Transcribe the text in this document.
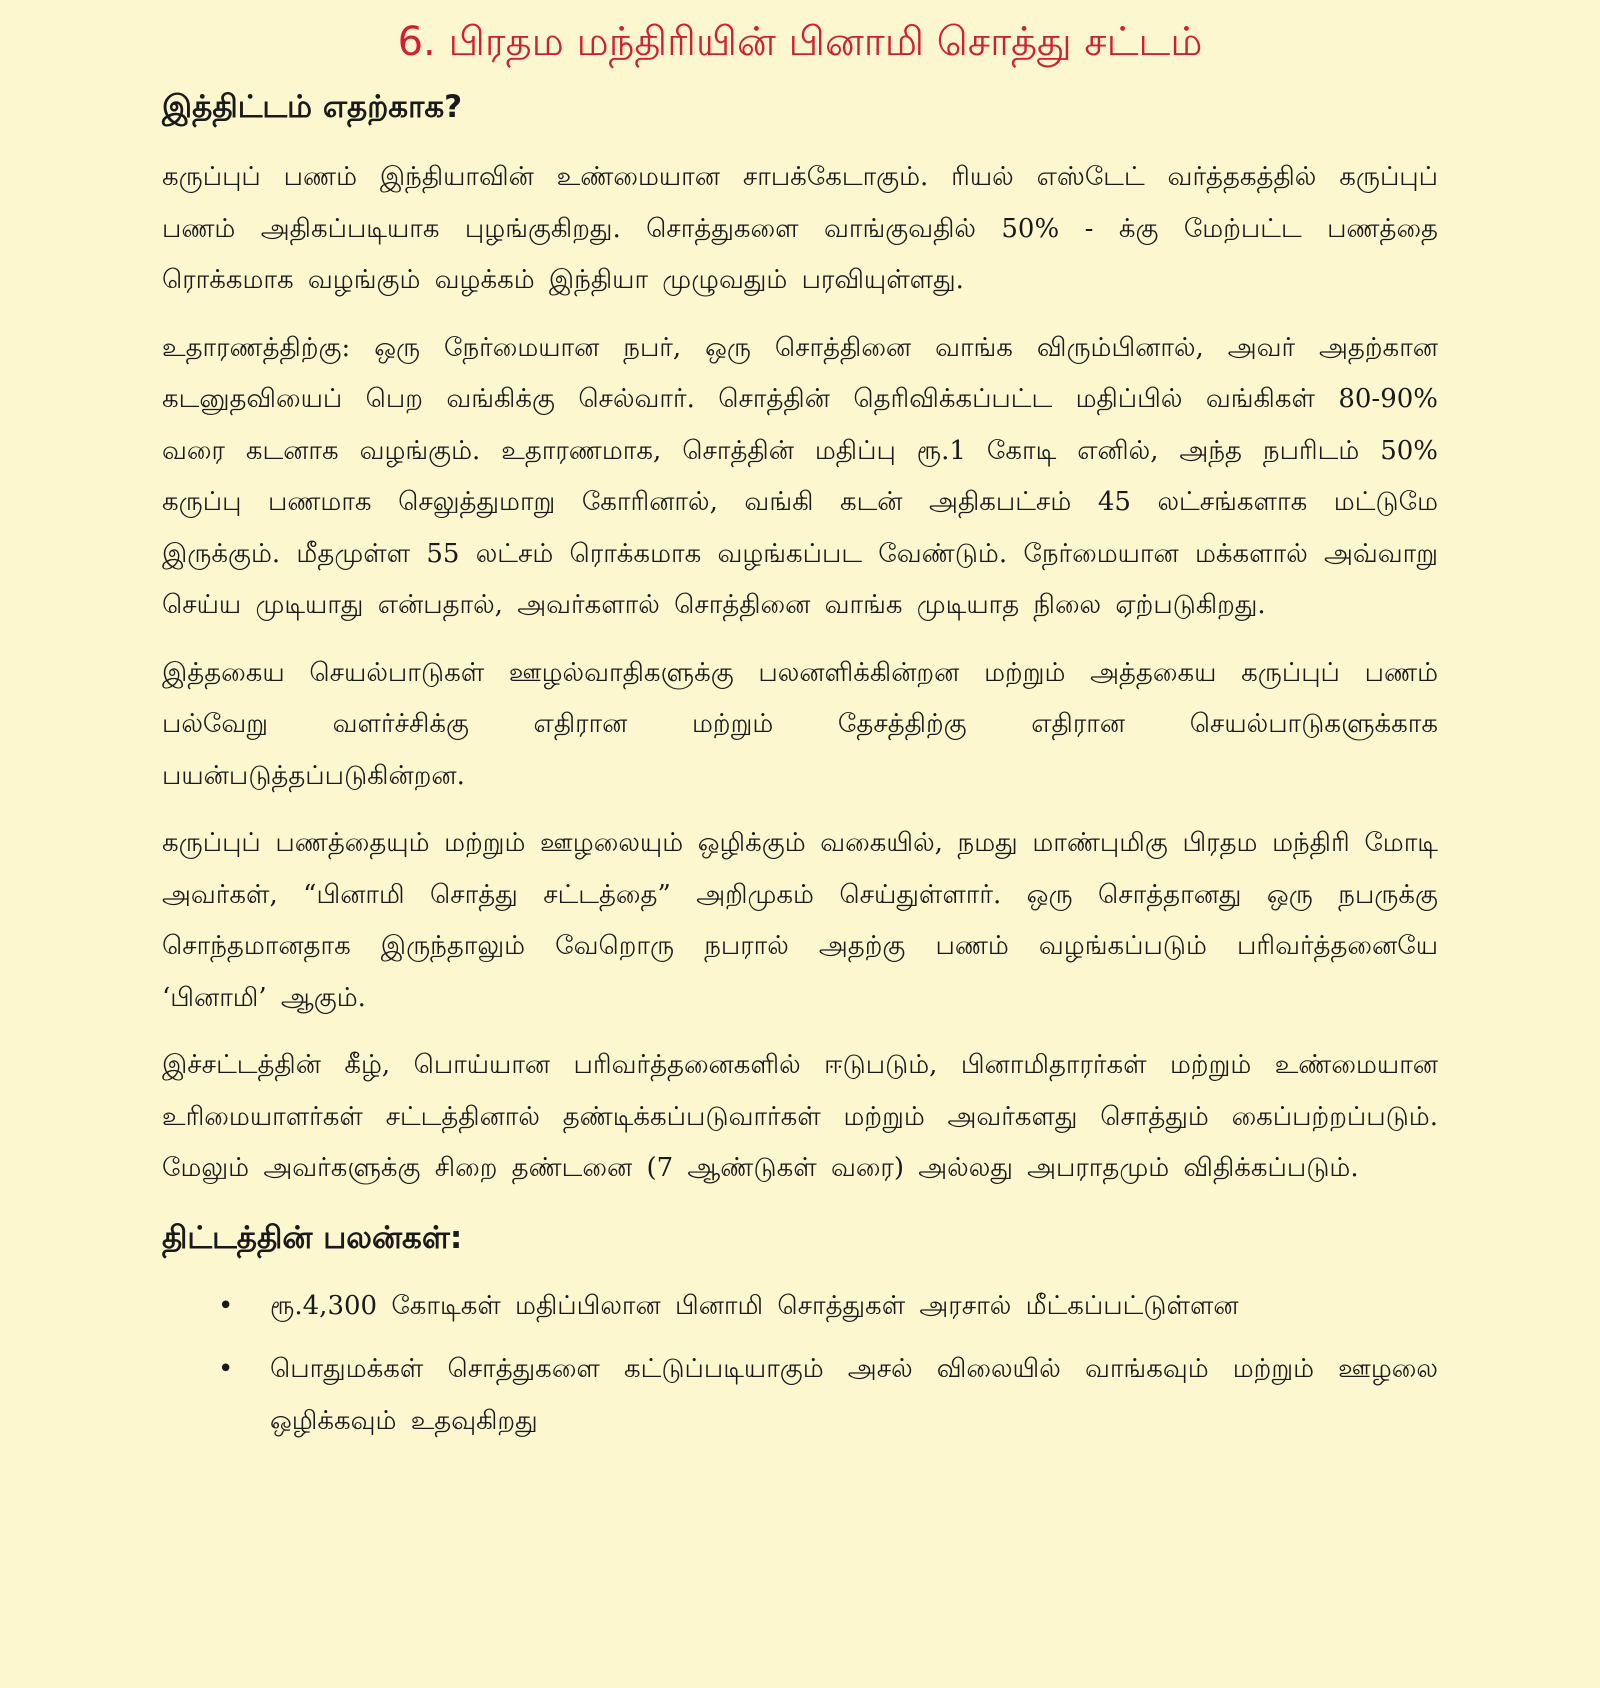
6. பிரதம மந்திரியின் பினாமி சொத்து சட்டம்
இத்திட்டம் எதற்காக?

கருப்புப் பணம் இந்தியாவின் உண்மையான சாபக்கேடாகும். ரியல் எஸ்டேட் வர்த்தகத்தில் கருப்புப் பணம் அதிகப்படியாக புழங்குகிறது. சொத்துகளை வாங்குவதில் 50% - க்கு மேற்பட்ட பணத்தை ரொக்கமாக வழங்கும் வழக்கம் இந்தியா முழுவதும் பரவியுள்ளது.

உதாரணத்திற்கு: ஒரு நேர்மையான நபர், ஒரு சொத்தினை வாங்க விரும்பினால், அவர் அதற்கான கடனுதவியைப் பெற வங்கிக்கு செல்வார். சொத்தின் தெரிவிக்கப்பட்ட மதிப்பில் வங்கிகள் 80-90% வரை கடனாக வழங்கும். உதாரணமாக, சொத்தின் மதிப்பு ரூ.1 கோடி எனில், அந்த நபரிடம் 50% கருப்பு பணமாக செலுத்துமாறு கோரினால், வங்கி கடன் அதிகபட்சம் 45 லட்சங்களாக மட்டுமே இருக்கும். மீதமுள்ள 55 லட்சம் ரொக்கமாக வழங்கப்பட வேண்டும். நேர்மையான மக்களால் அவ்வாறு செய்ய முடியாது என்பதால், அவர்களால் சொத்தினை வாங்க முடியாத நிலை ஏற்படுகிறது.

இத்தகைய செயல்பாடுகள் ஊழல்வாதிகளுக்கு பலனளிக்கின்றன மற்றும் அத்தகைய கருப்புப் பணம் பல்வேறு வளர்ச்சிக்கு எதிரான மற்றும் தேசத்திற்கு எதிரான செயல்பாடுகளுக்காக பயன்படுத்தப்படுகின்றன.

கருப்புப் பணத்தையும் மற்றும் ஊழலையும் ஒழிக்கும் வகையில், நமது மாண்புமிகு பிரதம மந்திரி மோடி அவர்கள், “பினாமி சொத்து சட்டத்தை” அறிமுகம் செய்துள்ளார். ஒரு சொத்தானது ஒரு நபருக்கு சொந்தமானதாக இருந்தாலும் வேறொரு நபரால் அதற்கு பணம் வழங்கப்படும் பரிவர்த்தனையே ‘பினாமி’ ஆகும்.

இச்சட்டத்தின் கீழ், பொய்யான பரிவர்த்தனைகளில் ஈடுபடும், பினாமிதாரர்கள் மற்றும் உண்மையான உரிமையாளர்கள் சட்டத்தினால் தண்டிக்கப்படுவார்கள் மற்றும் அவர்களது சொத்தும் கைப்பற்றப்படும். மேலும் அவர்களுக்கு சிறை தண்டனை (7 ஆண்டுகள் வரை) அல்லது அபராதமும் விதிக்கப்படும்.

திட்டத்தின் பலன்கள்:
• ரூ.4,300 கோடிகள் மதிப்பிலான பினாமி சொத்துகள் அரசால் மீட்கப்பட்டுள்ளன
• பொதுமக்கள் சொத்துகளை கட்டுப்படியாகும் அசல் விலையில் வாங்கவும் மற்றும் ஊழலை ஒழிக்கவும் உதவுகிறது
